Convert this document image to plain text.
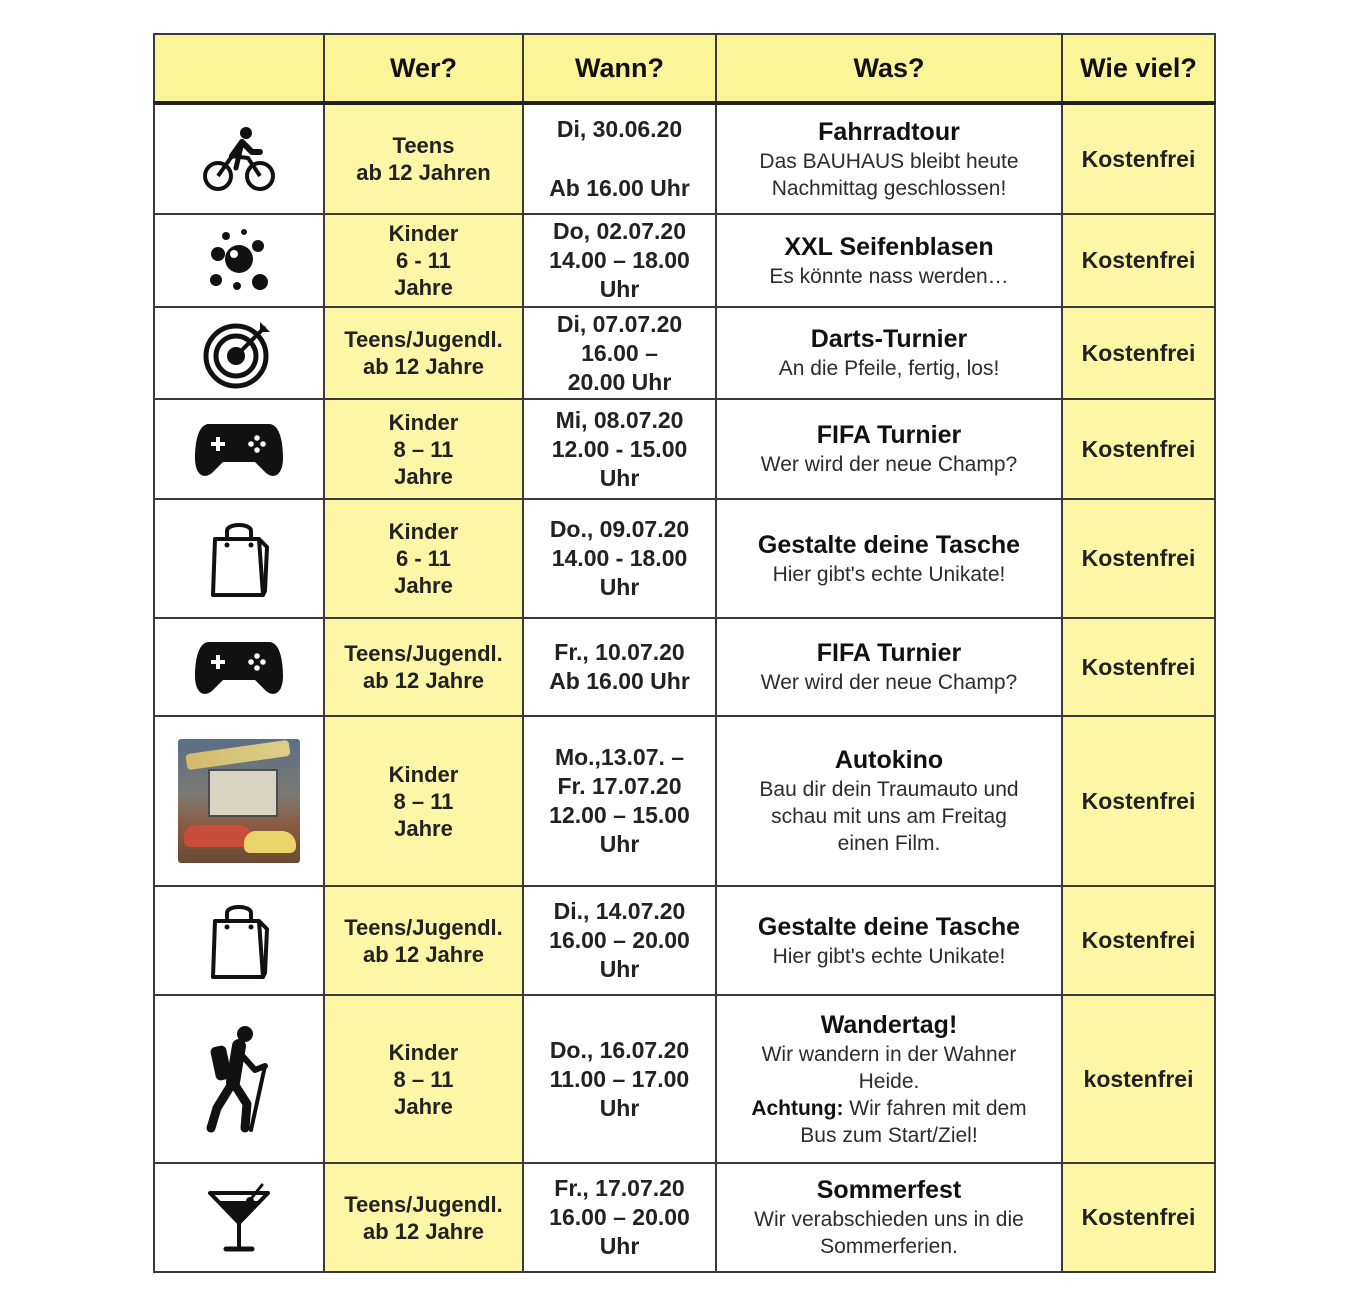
	Wer?	Wann?	Was?	Wie viel?

Teens
ab 12 Jahren	Di, 30.06.20
Ab 16.00 Uhr	Fahrradtour
Das BAUHAUS bleibt heute
Nachmittag geschlossen!	Kostenfrei

Kinder
6 - 11
Jahre	Do, 02.07.20
14.00 – 18.00
Uhr	XXL Seifenblasen
Es könnte nass werden…	Kostenfrei

Teens/Jugendl.
ab 12 Jahre	Di, 07.07.20
16.00 –
20.00 Uhr	Darts-Turnier
An die Pfeile, fertig, los!	Kostenfrei

Kinder
8 – 11
Jahre	Mi, 08.07.20
12.00 - 15.00
Uhr	FIFA Turnier
Wer wird der neue Champ?	Kostenfrei

Kinder
6 - 11
Jahre	Do., 09.07.20
14.00 - 18.00
Uhr	Gestalte deine Tasche
Hier gibt's echte Unikate!	Kostenfrei

Teens/Jugendl.
ab 12 Jahre	Fr., 10.07.20
Ab 16.00 Uhr	FIFA Turnier
Wer wird der neue Champ?	Kostenfrei

	Kinder
8 – 11
Jahre	Mo.,13.07. –
Fr. 17.07.20
12.00 – 15.00
Uhr	Autokino
Bau dir dein Traumauto und
schau mit uns am Freitag
einen Film.	Kostenfrei

Teens/Jugendl.
ab 12 Jahre	Di., 14.07.20
16.00 – 20.00
Uhr	Gestalte deine Tasche
Hier gibt's echte Unikate!	Kostenfrei

Kinder
8 – 11
Jahre	Do., 16.07.20
11.00 – 17.00
Uhr	Wandertag!
Wir wandern in der Wahner
Heide.
Achtung: Wir fahren mit dem
Bus zum Start/Ziel!	kostenfrei

Teens/Jugendl.
ab 12 Jahre	Fr., 17.07.20
16.00 – 20.00
Uhr	Sommerfest
Wir verabschieden uns in die
Sommerferien.	Kostenfrei
